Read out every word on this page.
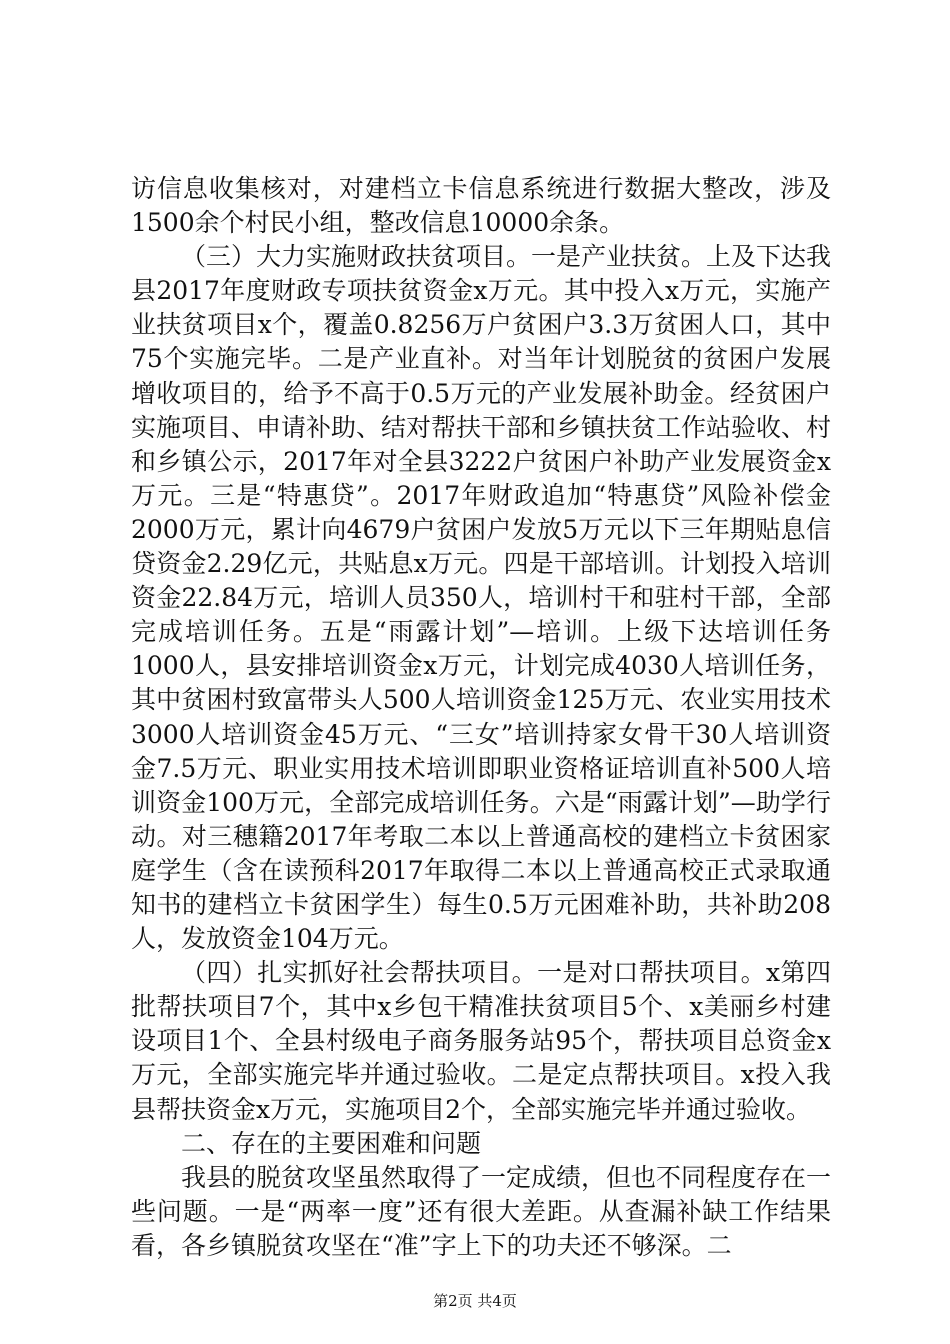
访信息收集核对，对建档立卡信息系统进行数据大整改，涉及1500余个村民小组，整改信息10000余条。

（三）大力实施财政扶贫项目。一是产业扶贫。上及下达我县2017年度财政专项扶贫资金x万元。其中投入x万元，实施产业扶贫项目x个，覆盖0.8256万户贫困户3.3万贫困人口，其中75个实施完毕。二是产业直补。对当年计划脱贫的贫困户发展增收项目的，给予不高于0.5万元的产业发展补助金。经贫困户实施项目、申请补助、结对帮扶干部和乡镇扶贫工作站验收、村和乡镇公示，2017年对全县3222户贫困户补助产业发展资金x万元。三是“特惠贷”。2017年财政追加“特惠贷”风险补偿金2000万元，累计向4679户贫困户发放5万元以下三年期贴息信贷资金2.29亿元，共贴息x万元。四是干部培训。计划投入培训资金22.84万元，培训人员350人，培训村干和驻村干部，全部完成培训任务。五是“雨露计划”—培训。上级下达培训任务1000人，县安排培训资金x万元，计划完成4030人培训任务，其中贫困村致富带头人500人培训资金125万元、农业实用技术3000人培训资金45万元、“三女”培训持家女骨干30人培训资金7.5万元、职业实用技术培训即职业资格证培训直补500人培训资金100万元，全部完成培训任务。六是“雨露计划”—助学行动。对三穗籍2017年考取二本以上普通高校的建档立卡贫困家庭学生（含在读预科2017年取得二本以上普通高校正式录取通知书的建档立卡贫困学生）每生0.5万元困难补助，共补助208人，发放资金104万元。

（四）扎实抓好社会帮扶项目。一是对口帮扶项目。x第四批帮扶项目7个，其中x乡包干精准扶贫项目5个、x美丽乡村建设项目1个、全县村级电子商务服务站95个，帮扶项目总资金x万元，全部实施完毕并通过验收。二是定点帮扶项目。x投入我县帮扶资金x万元，实施项目2个，全部实施完毕并通过验收。

二、存在的主要困难和问题

我县的脱贫攻坚虽然取得了一定成绩，但也不同程度存在一些问题。一是“两率一度”还有很大差距。从查漏补缺工作结果看，各乡镇脱贫攻坚在“准”字上下的功夫还不够深。二

第2页 共4页
